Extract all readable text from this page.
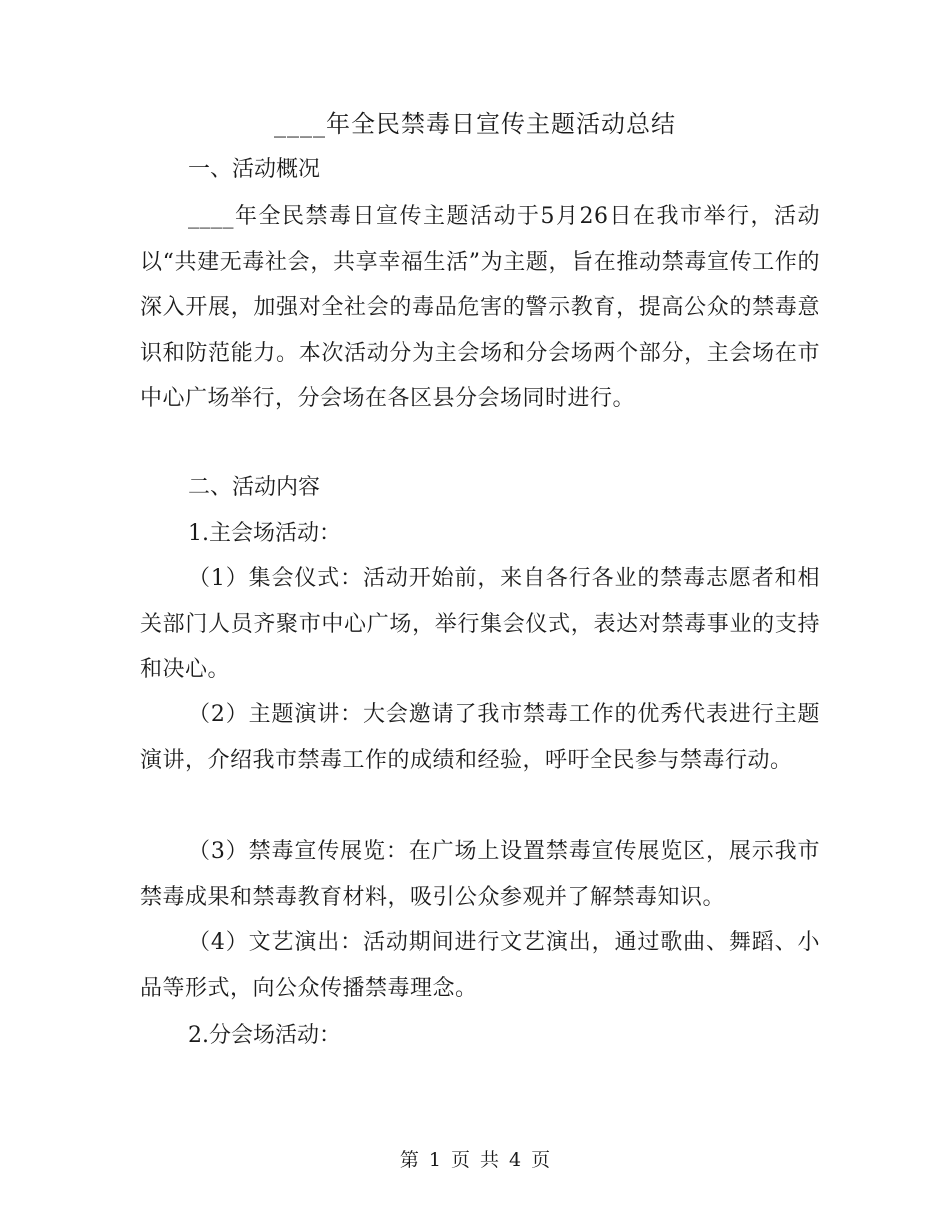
____年全民禁毒日宣传主题活动总结
一、活动概况
____年全民禁毒日宣传主题活动于5月26日在我市举行，活动以“共建无毒社会，共享幸福生活”为主题，旨在推动禁毒宣传工作的深入开展，加强对全社会的毒品危害的警示教育，提高公众的禁毒意识和防范能力。本次活动分为主会场和分会场两个部分，主会场在市中心广场举行，分会场在各区县分会场同时进行。
二、活动内容
1.主会场活动：
（1）集会仪式：活动开始前，来自各行各业的禁毒志愿者和相关部门人员齐聚市中心广场，举行集会仪式，表达对禁毒事业的支持和决心。
（2）主题演讲：大会邀请了我市禁毒工作的优秀代表进行主题演讲，介绍我市禁毒工作的成绩和经验，呼吁全民参与禁毒行动。
（3）禁毒宣传展览：在广场上设置禁毒宣传展览区，展示我市禁毒成果和禁毒教育材料，吸引公众参观并了解禁毒知识。
（4）文艺演出：活动期间进行文艺演出，通过歌曲、舞蹈、小品等形式，向公众传播禁毒理念。
2.分会场活动：
第 1 页 共 4 页
